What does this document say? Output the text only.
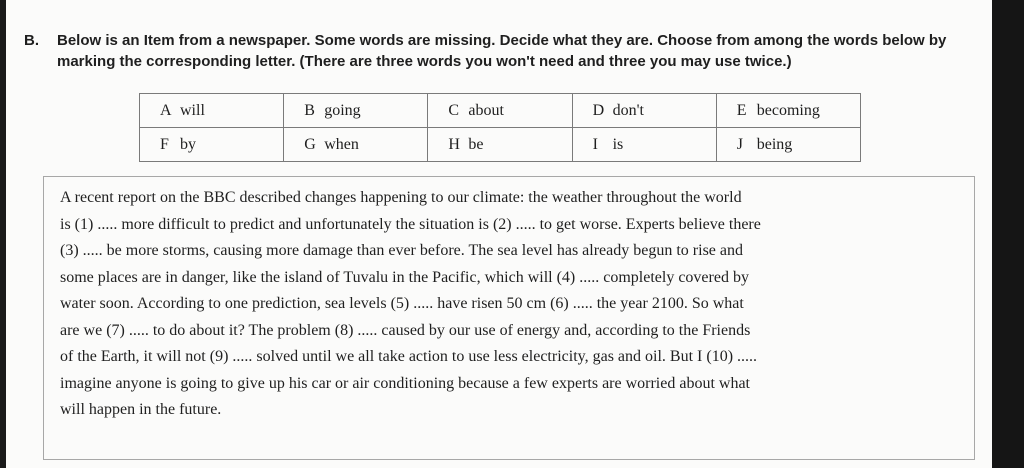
B. Below is an Item from a newspaper. Some words are missing. Decide what they are. Choose from among the words below by marking the corresponding letter. (There are three words you won't need and three you may use twice.)
A will	B going	C about	D don't	E becoming
F by	G when	H be	I is	J being
A recent report on the BBC described changes happening to our climate: the weather throughout the world
is (1) ..... more difficult to predict and unfortunately the situation is (2) ..... to get worse. Experts believe there
(3) ..... be more storms, causing more damage than ever before. The sea level has already begun to rise and
some places are in danger, like the island of Tuvalu in the Pacific, which will (4) ..... completely covered by
water soon. According to one prediction, sea levels (5) ..... have risen 50 cm (6) ..... the year 2100. So what
are we (7) ..... to do about it? The problem (8) ..... caused by our use of energy and, according to the Friends
of the Earth, it will not (9) ..... solved until we all take action to use less electricity, gas and oil. But I (10) .....
imagine anyone is going to give up his car or air conditioning because a few experts are worried about what
will happen in the future.
